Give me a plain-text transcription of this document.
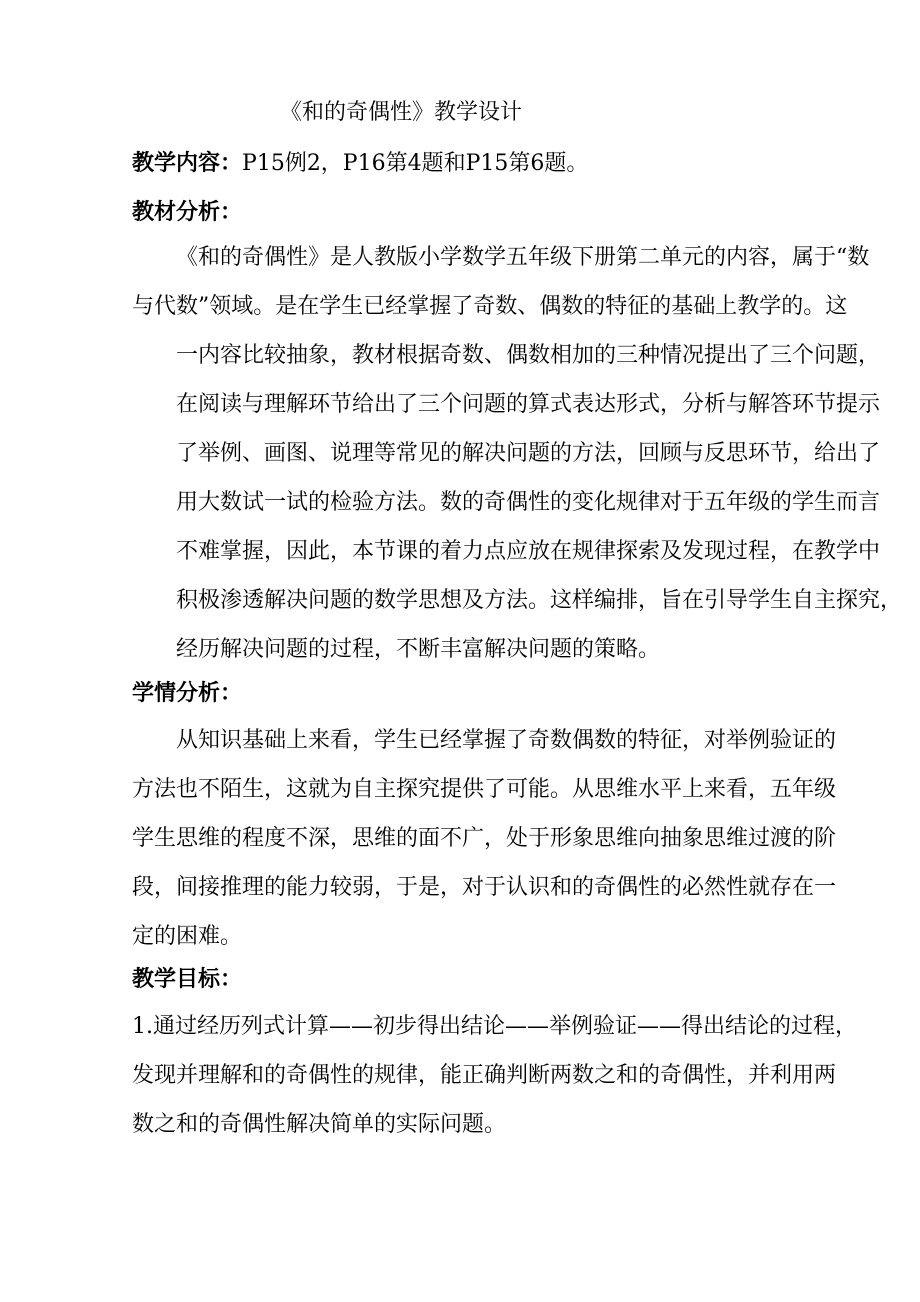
《和的奇偶性》教学设计
教学内容：P15例2，P16第4题和P15第6题。
教材分析：
《和的奇偶性》是人教版小学数学五年级下册第二单元的内容，属于“数
与代数”领域。是在学生已经掌握了奇数、偶数的特征的基础上教学的。这
一内容比较抽象，教材根据奇数、偶数相加的三种情况提出了三个问题，
在阅读与理解环节给出了三个问题的算式表达形式，分析与解答环节提示
了举例、画图、说理等常见的解决问题的方法，回顾与反思环节，给出了
用大数试一试的检验方法。数的奇偶性的变化规律对于五年级的学生而言
不难掌握，因此，本节课的着力点应放在规律探索及发现过程，在教学中
积极渗透解决问题的数学思想及方法。这样编排，旨在引导学生自主探究，
经历解决问题的过程，不断丰富解决问题的策略。
学情分析：
从知识基础上来看，学生已经掌握了奇数偶数的特征，对举例验证的
方法也不陌生，这就为自主探究提供了可能。从思维水平上来看，五年级
学生思维的程度不深，思维的面不广，处于形象思维向抽象思维过渡的阶
段，间接推理的能力较弱，于是，对于认识和的奇偶性的必然性就存在一
定的困难。
教学目标：
1.通过经历列式计算——初步得出结论——举例验证——得出结论的过程，
发现并理解和的奇偶性的规律，能正确判断两数之和的奇偶性，并利用两
数之和的奇偶性解决简单的实际问题。
